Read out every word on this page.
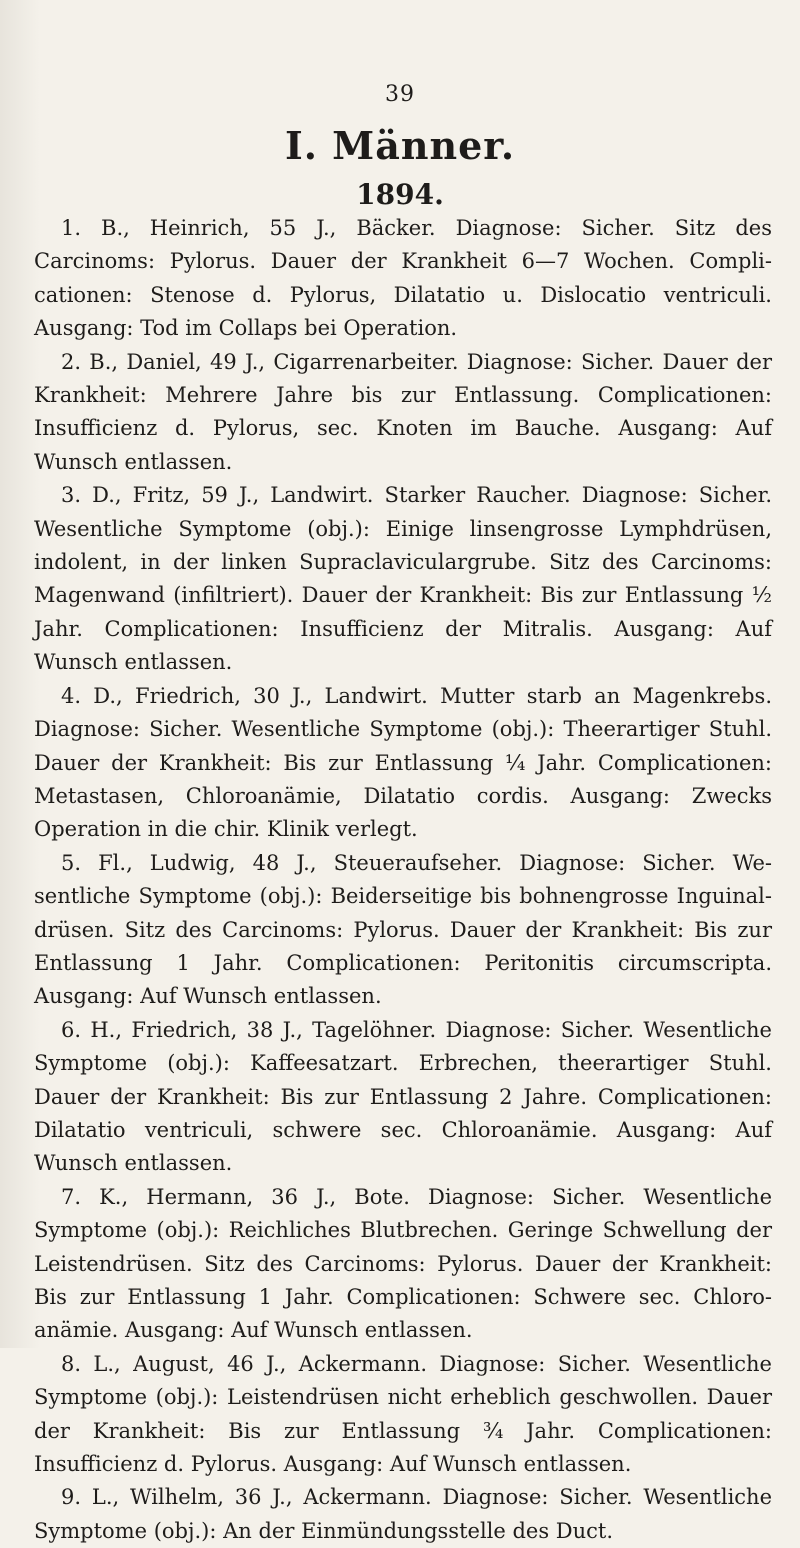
39
I. Männer.
1894.

1. B., Heinrich, 55 J., Bäcker. Diagnose: Sicher. Sitz des Carcinoms: Pylorus. Dauer der Krankheit 6—7 Wochen. Complicationen: Stenose d. Pylorus, Dilatatio u. Dislocatio ventriculi. Ausgang: Tod im Collaps bei Operation.

2. B., Daniel, 49 J., Cigarrenarbeiter. Diagnose: Sicher. Dauer der Krankheit: Mehrere Jahre bis zur Entlassung. Complicationen: Insufficienz d. Pylorus, sec. Knoten im Bauche. Ausgang: Auf Wunsch entlassen.

3. D., Fritz, 59 J., Landwirt. Starker Raucher. Diagnose: Sicher. Wesentliche Symptome (obj.): Einige linsengrosse Lymphdrüsen, indolent, in der linken Supraclaviculargrube. Sitz des Carcinoms: Magenwand (infiltriert). Dauer der Krankheit: Bis zur Entlassung ½ Jahr. Complicationen: Insufficienz der Mitralis. Ausgang: Auf Wunsch entlassen.

4. D., Friedrich, 30 J., Landwirt. Mutter starb an Magenkrebs. Diagnose: Sicher. Wesentliche Symptome (obj.): Theerartiger Stuhl. Dauer der Krankheit: Bis zur Entlassung ¼ Jahr. Complicationen: Metastasen, Chloroanämie, Dilatatio cordis. Ausgang: Zwecks Operation in die chir. Klinik verlegt.

5. Fl., Ludwig, 48 J., Steueraufseher. Diagnose: Sicher. Wesentliche Symptome (obj.): Beiderseitige bis bohnengrosse Inguinaldrüsen. Sitz des Carcinoms: Pylorus. Dauer der Krankheit: Bis zur Entlassung 1 Jahr. Complicationen: Peritonitis circumscripta. Ausgang: Auf Wunsch entlassen.

6. H., Friedrich, 38 J., Tagelöhner. Diagnose: Sicher. Wesentliche Symptome (obj.): Kaffeesatzart. Erbrechen, theerartiger Stuhl. Dauer der Krankheit: Bis zur Entlassung 2 Jahre. Complicationen: Dilatatio ventriculi, schwere sec. Chloroanämie. Ausgang: Auf Wunsch entlassen.

7. K., Hermann, 36 J., Bote. Diagnose: Sicher. Wesentliche Symptome (obj.): Reichliches Blutbrechen. Geringe Schwellung der Leistendrüsen. Sitz des Carcinoms: Pylorus. Dauer der Krankheit: Bis zur Entlassung 1 Jahr. Complicationen: Schwere sec. Chloroanämie. Ausgang: Auf Wunsch entlassen.

8. L., August, 46 J., Ackermann. Diagnose: Sicher. Wesentliche Symptome (obj.): Leistendrüsen nicht erheblich geschwollen. Dauer der Krankheit: Bis zur Entlassung ¾ Jahr. Complicationen: Insufficienz d. Pylorus. Ausgang: Auf Wunsch entlassen.

9. L., Wilhelm, 36 J., Ackermann. Diagnose: Sicher. Wesentliche Symptome (obj.): An der Einmündungsstelle des Duct.
